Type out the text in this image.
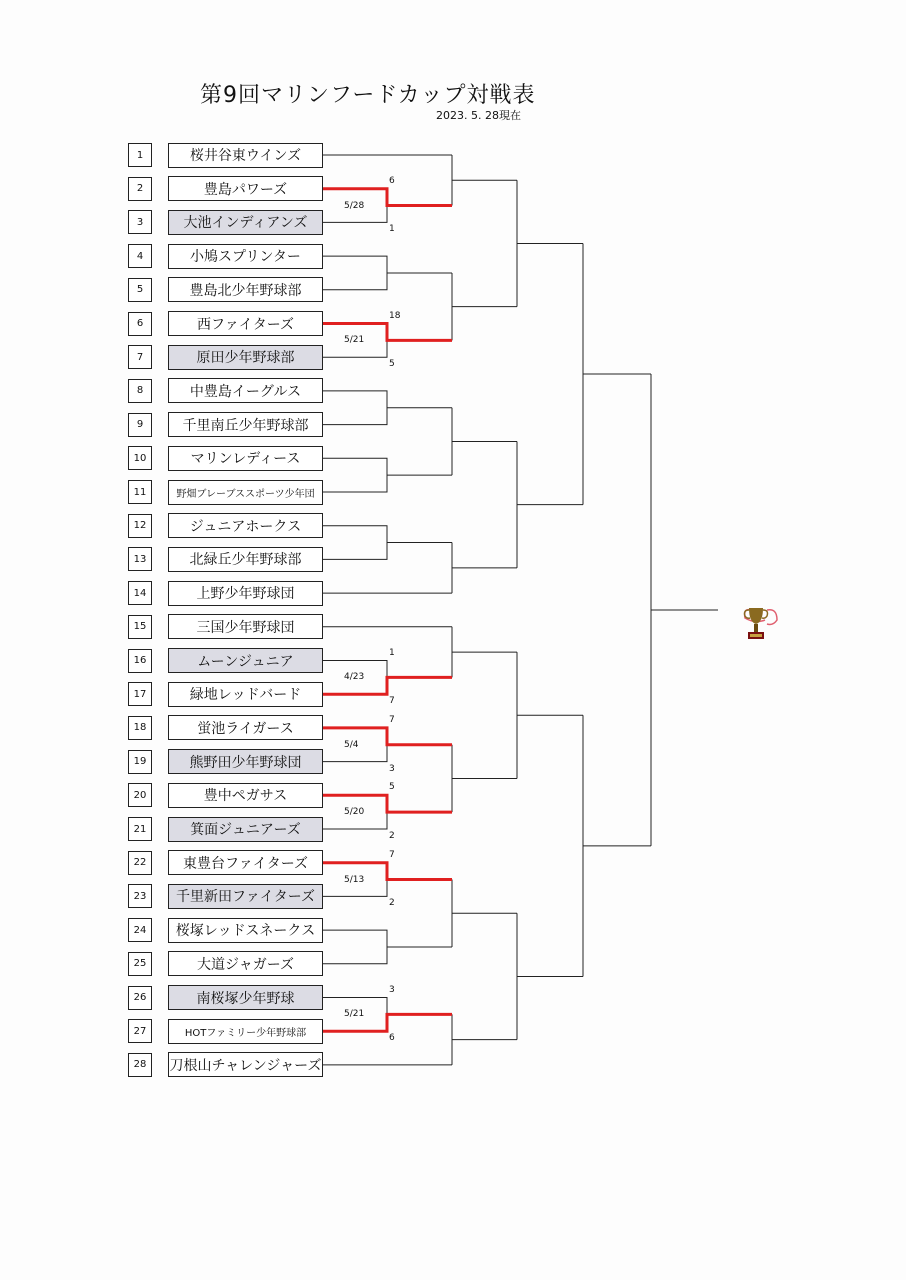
第9回マリンフードカップ対戦表
2023. 5. 28現在
1	桜井谷東ウインズ
2	豊島パワーズ
3	大池インディアンズ
4	小鳩スプリンター
5	豊島北少年野球部
6	西ファイターズ
7	原田少年野球部
8	中豊島イーグルス
9	千里南丘少年野球部
10	マリンレディース
11	野畑ブレーブススポーツ少年団
12	ジュニアホークス
13	北緑丘少年野球部
14	上野少年野球団
15	三国少年野球団
16	ムーンジュニア
17	緑地レッドバード
18	蛍池ライガース
19	熊野田少年野球団
20	豊中ペガサス
21	箕面ジュニアーズ
22	東豊台ファイターズ
23	千里新田ファイターズ
24	桜塚レッドスネークス
25	大道ジャガーズ
26	南桜塚少年野球
27	HOTファミリー少年野球部
28	刀根山チャレンジャーズ
6
1
5/28
18
5
5/21
1
7
4/23
7
3
5/4
5
2
5/20
7
2
5/13
3
6
5/21
